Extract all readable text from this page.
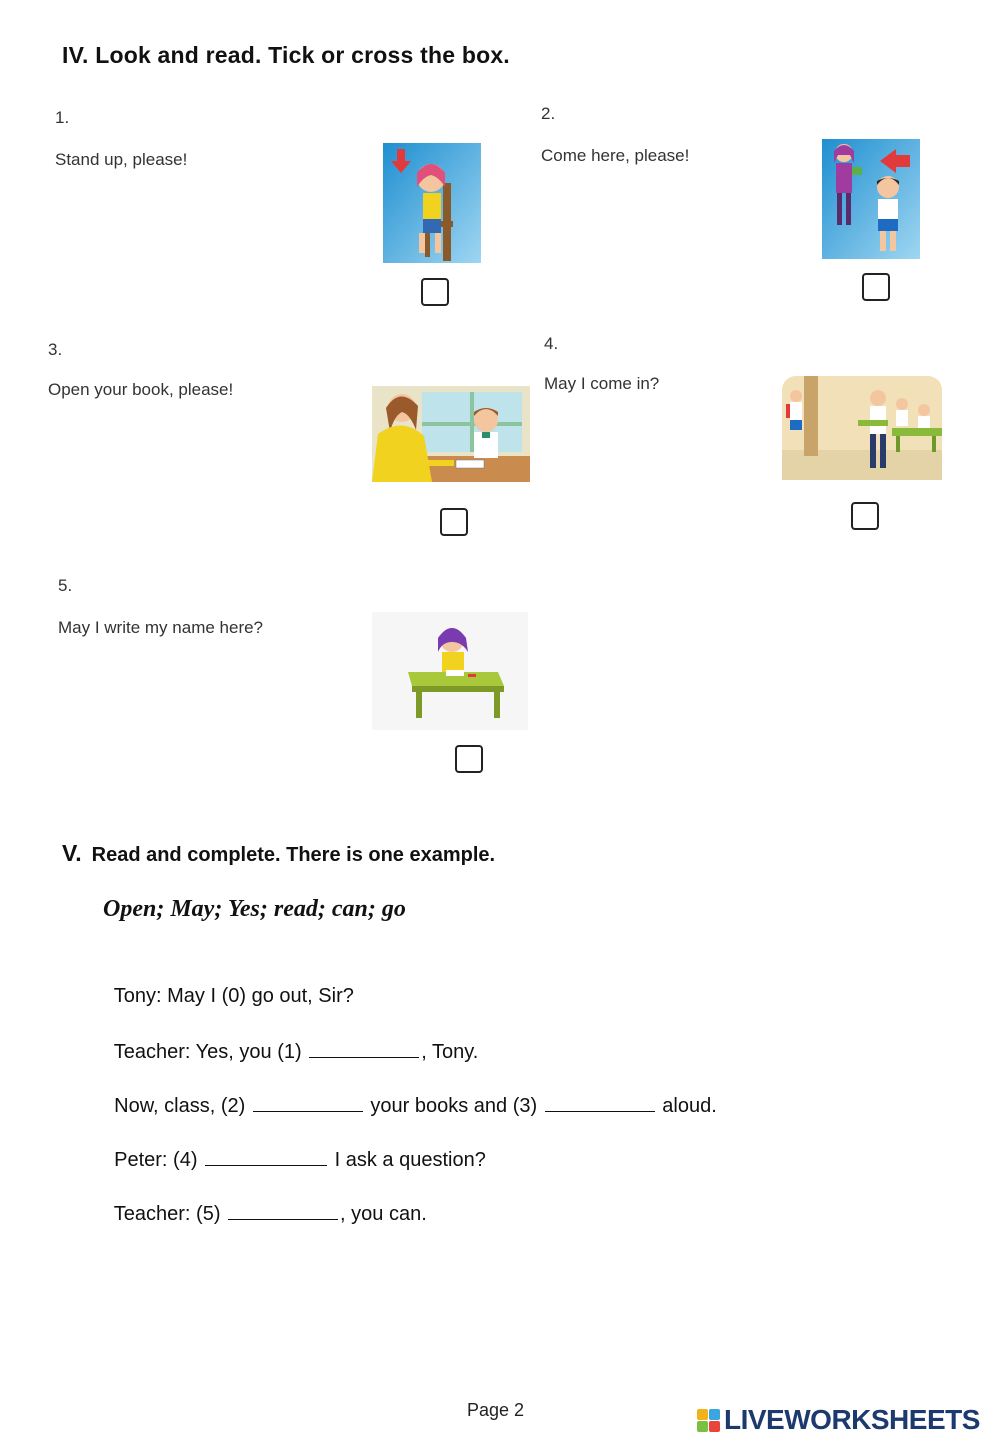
IV. Look and read. Tick or cross the box.
1.
Stand up, please!
2.
Come here, please!
3.
Open your book, please!
4.
May I come in?
5.
May I write my name here?
V. Read and complete. There is one example.
Open; May; Yes; read; can; go

Tony: May I (0) go out, Sir?

Teacher: Yes, you (1)	, Tony.

Now, class, (2)	your books and (3)	aloud.

Peter: (4)	I ask a question?

Teacher: (5)	, you can.

Page 2	LIVEWORKSHEETS
